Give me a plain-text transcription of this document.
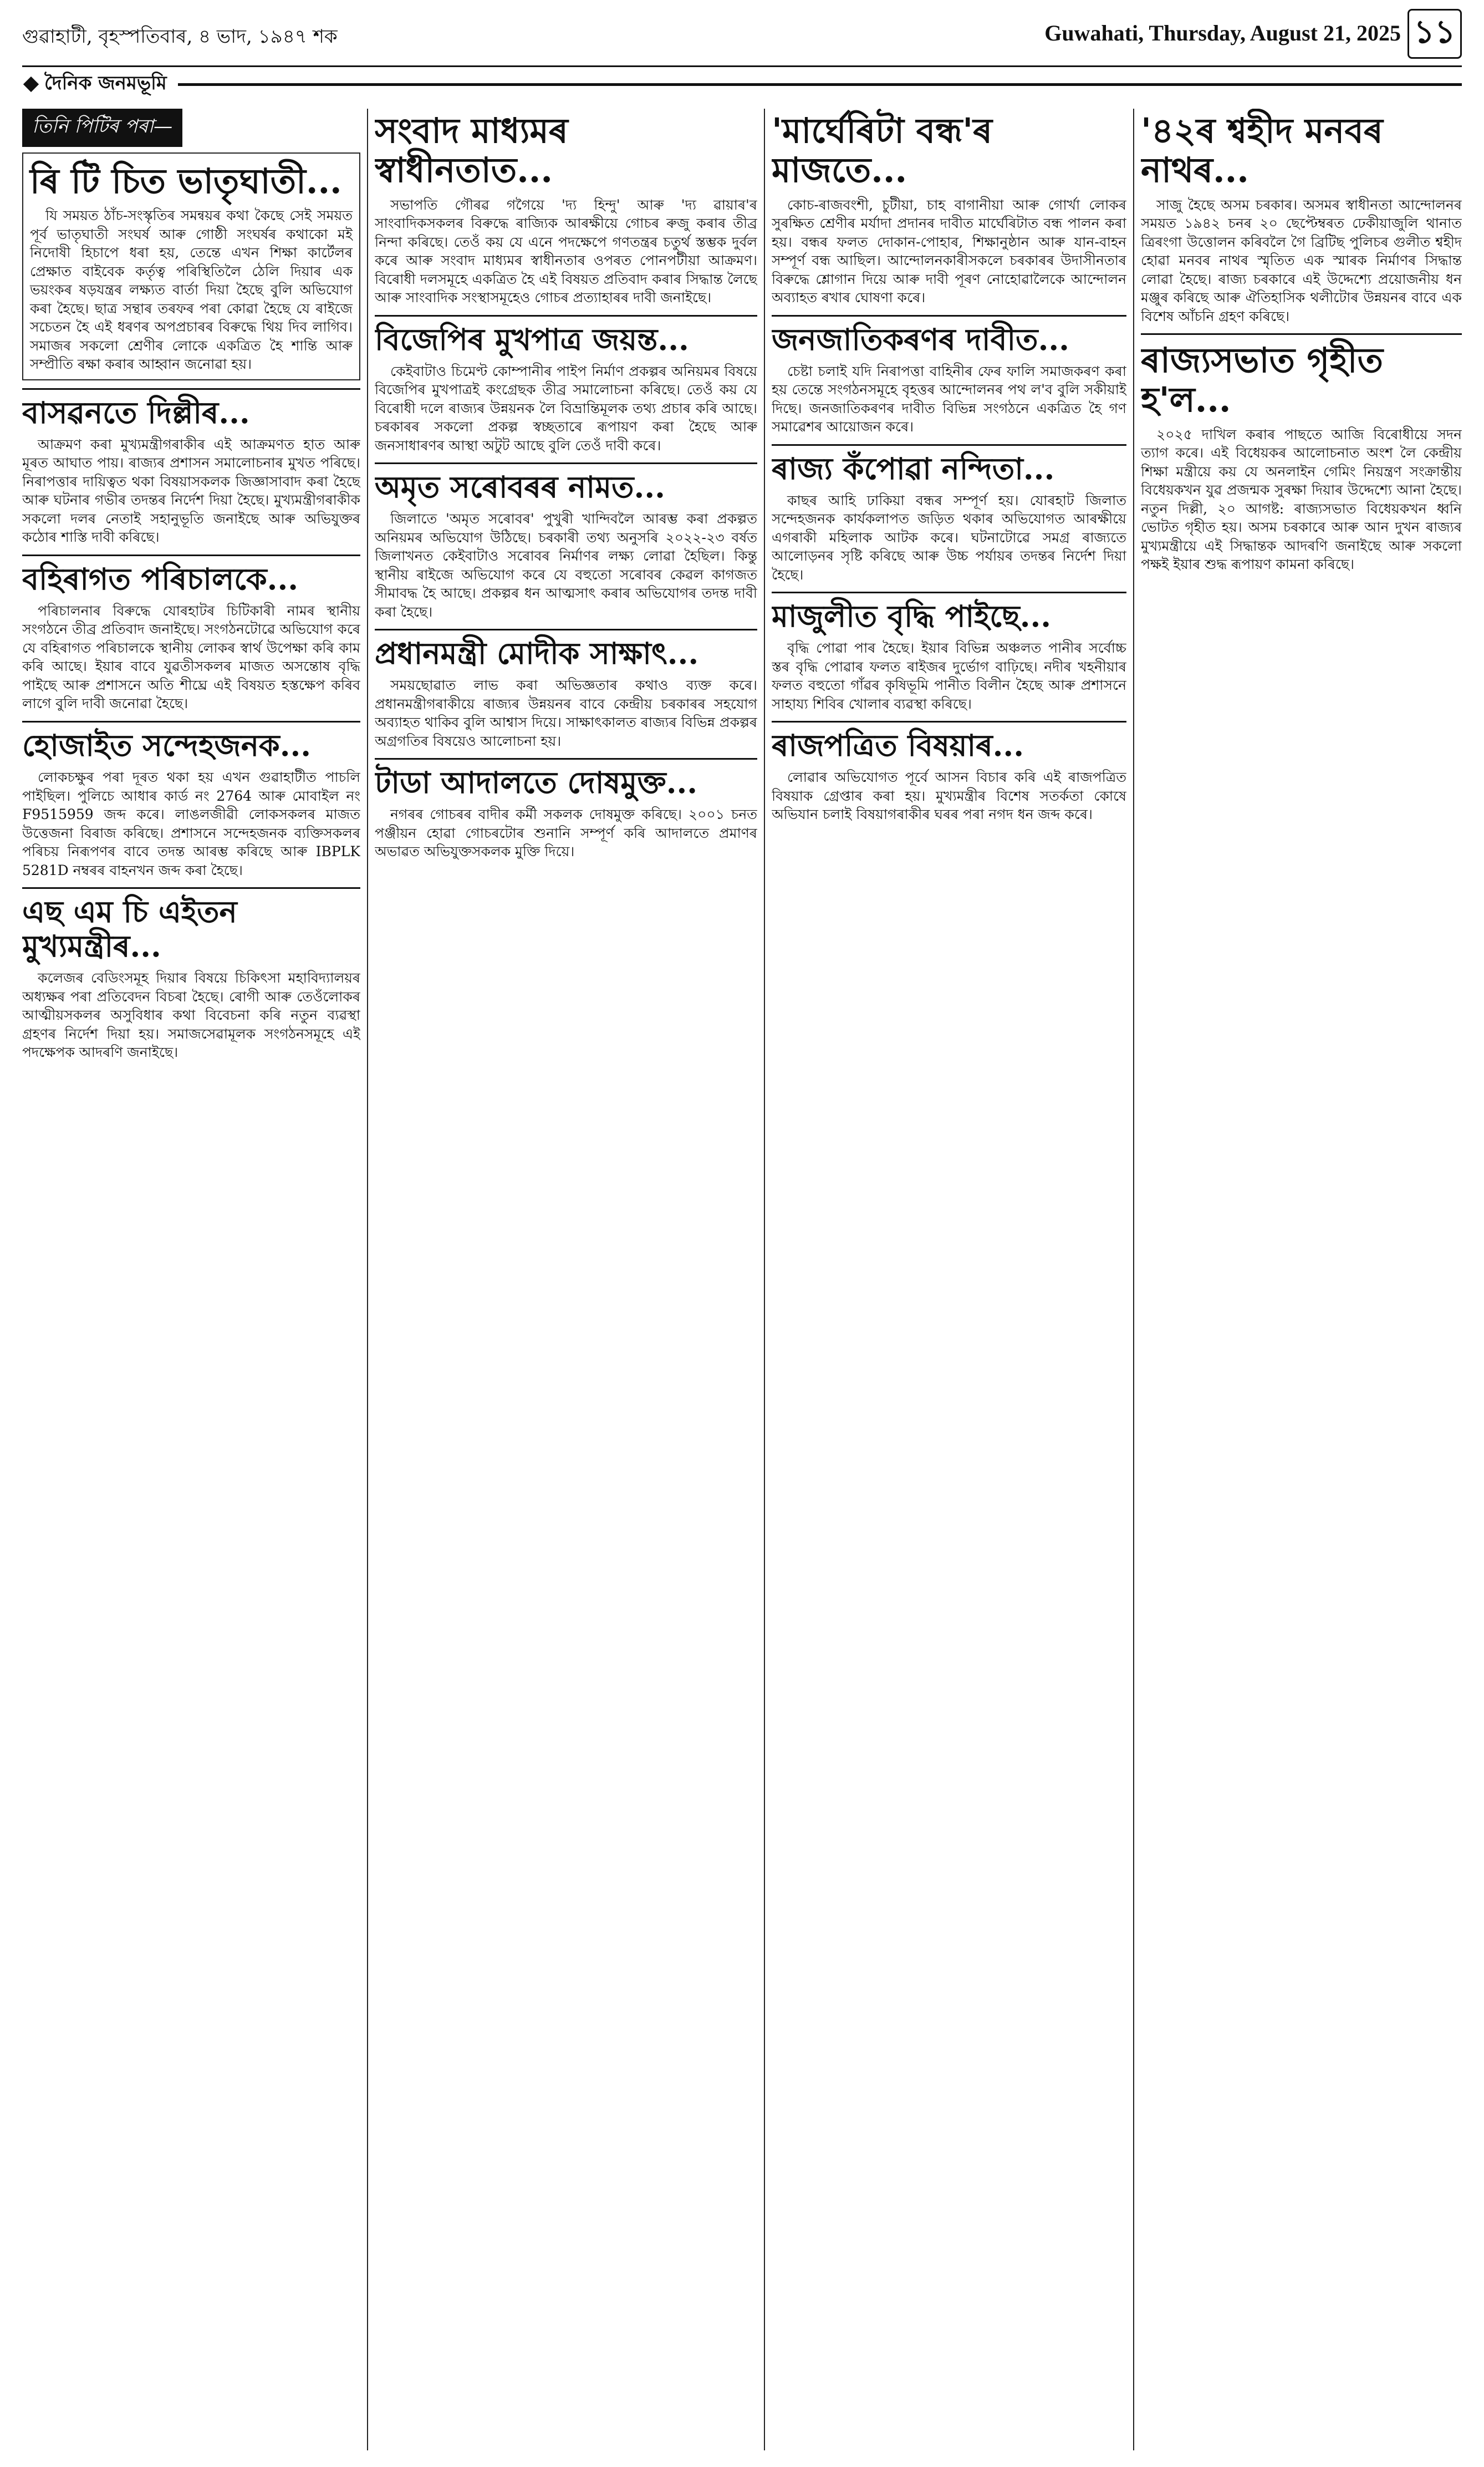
গুৱাহাটী, বৃহস্পতিবাৰ, ৪ ভাদ, ১৯৪৭ শক	Guwahati, Thursday, August 21, 2025 ১১
দৈনিক জনমভূমি
তিনি পিটিৰ পৰা—
ৰি টি চিত ভাতৃঘাতী...

যি সময়ত ঠাঁচ-সংস্কৃতিৰ সমন্বয়ৰ কথা কৈছে সেই সময়ত পূৰ্ব ভাতৃঘাতী সংঘৰ্ষ আৰু গোষ্ঠী সংঘৰ্ষৰ কথাকো মই নিদোষী হিচাপে ধৰা হয়, তেন্তে এখন শিক্ষা কাৰ্টেলৰ প্ৰেক্ষাত বাইবেক কৰ্তৃত্ব পৰিস্থিতিলৈ ঠেলি দিয়াৰ এক ভয়ংকৰ ষড়যন্ত্ৰৰ লক্ষ্যত বাৰ্তা দিয়া হৈছে বুলি অভিযোগ কৰা হৈছে। ছাত্ৰ সন্থাৰ তৰফৰ পৰা কোৱা হৈছে যে ৰাইজে সচেতন হৈ এই ধৰণৰ অপপ্ৰচাৰৰ বিৰুদ্ধে থিয় দিব লাগিব। সমাজৰ সকলো শ্ৰেণীৰ লোকে একত্ৰিত হৈ শান্তি আৰু সম্প্ৰীতি ৰক্ষা কৰাৰ আহ্বান জনোৱা হয়।

বাসৱনতে দিল্লীৰ...

আক্ৰমণ কৰা মুখ্যমন্ত্ৰীগৰাকীৰ এই আক্ৰমণত হাত আৰু মূৰত আঘাত পায়। ৰাজ্যৰ প্ৰশাসন সমালোচনাৰ মুখত পৰিছে। নিৰাপত্তাৰ দায়িত্বত থকা বিষয়াসকলক জিজ্ঞাসাবাদ কৰা হৈছে আৰু ঘটনাৰ গভীৰ তদন্তৰ নিৰ্দেশ দিয়া হৈছে। মুখ্যমন্ত্ৰীগৰাকীক সকলো দলৰ নেতাই সহানুভূতি জনাইছে আৰু অভিযুক্তৰ কঠোৰ শাস্তি দাবী কৰিছে।

বহিৰাগত পৰিচালকে...

পৰিচালনাৰ বিৰুদ্ধে যোৰহাটৰ চিটিকাৰী নামৰ স্থানীয় সংগঠনে তীব্ৰ প্ৰতিবাদ জনাইছে। সংগঠনটোৱে অভিযোগ কৰে যে বহিৰাগত পৰিচালকে স্থানীয় লোকৰ স্বাৰ্থ উপেক্ষা কৰি কাম কৰি আছে। ইয়াৰ বাবে যুৱতীসকলৰ মাজত অসন্তোষ বৃদ্ধি পাইছে আৰু প্ৰশাসনে অতি শীঘ্ৰে এই বিষয়ত হস্তক্ষেপ কৰিব লাগে বুলি দাবী জনোৱা হৈছে।

হোজাইত সন্দেহজনক...

লোকচক্ষুৰ পৰা দূৰত থকা হয় এখন গুৱাহাটীত পাচলি পাইছিল। পুলিচে আধাৰ কাৰ্ড নং 2764 আৰু মোবাইল নং F9515959 জব্দ কৰে। লাঙলজীৱী লোকসকলৰ মাজত উত্তেজনা বিৰাজ কৰিছে। প্ৰশাসনে সন্দেহজনক ব্যক্তিসকলৰ পৰিচয় নিৰূপণৰ বাবে তদন্ত আৰম্ভ কৰিছে আৰু IBPLK 5281D নম্বৰৰ বাহনখন জব্দ কৰা হৈছে।

এছ এম চি এইতন মুখ্যমন্ত্ৰীৰ...

কলেজৰ বেডিংসমূহ দিয়াৰ বিষয়ে চিকিৎসা মহাবিদ্যালয়ৰ অধ্যক্ষৰ পৰা প্ৰতিবেদন বিচৰা হৈছে। ৰোগী আৰু তেওঁলোকৰ আত্মীয়সকলৰ অসুবিধাৰ কথা বিবেচনা কৰি নতুন ব্যৱস্থা গ্ৰহণৰ নিৰ্দেশ দিয়া হয়। সমাজসেৱামূলক সংগঠনসমূহে এই পদক্ষেপক আদৰণি জনাইছে।

সংবাদ মাধ্যমৰ স্বাধীনতাত...

সভাপতি গৌৰৱ গগৈয়ে 'দ্য হিন্দু' আৰু 'দ্য ৱায়াৰ'ৰ সাংবাদিকসকলৰ বিৰুদ্ধে ৰাজ্যিক আৰক্ষীয়ে গোচৰ ৰুজু কৰাৰ তীব্ৰ নিন্দা কৰিছে। তেওঁ কয় যে এনে পদক্ষেপে গণতন্ত্ৰৰ চতুৰ্থ স্তম্ভক দুৰ্বল কৰে আৰু সংবাদ মাধ্যমৰ স্বাধীনতাৰ ওপৰত পোনপটীয়া আক্ৰমণ। বিৰোধী দলসমূহে একত্ৰিত হৈ এই বিষয়ত প্ৰতিবাদ কৰাৰ সিদ্ধান্ত লৈছে আৰু সাংবাদিক সংস্থাসমূহেও গোচৰ প্ৰত্যাহাৰৰ দাবী জনাইছে।

বিজেপিৰ মুখপাত্ৰ জয়ন্ত...

কেইবাটাও চিমেণ্ট কোম্পানীৰ পাইপ নিৰ্মাণ প্ৰকল্পৰ অনিয়মৰ বিষয়ে বিজেপিৰ মুখপাত্ৰই কংগ্ৰেছক তীব্ৰ সমালোচনা কৰিছে। তেওঁ কয় যে বিৰোধী দলে ৰাজ্যৰ উন্নয়নক লৈ বিভ্ৰান্তিমূলক তথ্য প্ৰচাৰ কৰি আছে। চৰকাৰৰ সকলো প্ৰকল্প স্বচ্ছতাৰে ৰূপায়ণ কৰা হৈছে আৰু জনসাধাৰণৰ আস্থা অটুট আছে বুলি তেওঁ দাবী কৰে।

অমৃত সৰোবৰৰ নামত...

জিলাতে 'অমৃত সৰোবৰ' পুখুৰী খান্দিবলৈ আৰম্ভ কৰা প্ৰকল্পত অনিয়মৰ অভিযোগ উঠিছে। চৰকাৰী তথ্য অনুসৰি ২০২২-২৩ বৰ্ষত জিলাখনত কেইবাটাও সৰোবৰ নিৰ্মাণৰ লক্ষ্য লোৱা হৈছিল। কিন্তু স্থানীয় ৰাইজে অভিযোগ কৰে যে বহুতো সৰোবৰ কেৱল কাগজত সীমাবদ্ধ হৈ আছে। প্ৰকল্পৰ ধন আত্মসাৎ কৰাৰ অভিযোগৰ তদন্ত দাবী কৰা হৈছে।

প্ৰধানমন্ত্ৰী মোদীক সাক্ষাৎ...

সময়ছোৱাত লাভ কৰা অভিজ্ঞতাৰ কথাও ব্যক্ত কৰে। প্ৰধানমন্ত্ৰীগৰাকীয়ে ৰাজ্যৰ উন্নয়নৰ বাবে কেন্দ্ৰীয় চৰকাৰৰ সহযোগ অব্যাহত থাকিব বুলি আশ্বাস দিয়ে। সাক্ষাৎকালত ৰাজ্যৰ বিভিন্ন প্ৰকল্পৰ অগ্ৰগতিৰ বিষয়েও আলোচনা হয়।

টাডা আদালতে দোষমুক্ত...

নগৰৰ গোচৰৰ বাদীৰ কৰ্মী সকলক দোষমুক্ত কৰিছে। ২০০১ চনত পঞ্জীয়ন হোৱা গোচৰটোৰ শুনানি সম্পূৰ্ণ কৰি আদালতে প্ৰমাণৰ অভাৱত অভিযুক্তসকলক মুক্তি দিয়ে।

'মাৰ্ঘেৰিটা বন্ধ'ৰ মাজতে...

কোচ-ৰাজবংশী, চুটীয়া, চাহ বাগানীয়া আৰু গোৰ্খা লোকৰ সুৰক্ষিত শ্ৰেণীৰ মৰ্যাদা প্ৰদানৰ দাবীত মাৰ্ঘেৰিটাত বন্ধ পালন কৰা হয়। বন্ধৰ ফলত দোকান-পোহাৰ, শিক্ষানুষ্ঠান আৰু যান-বাহন সম্পূৰ্ণ বন্ধ আছিল। আন্দোলনকাৰীসকলে চৰকাৰৰ উদাসীনতাৰ বিৰুদ্ধে শ্লোগান দিয়ে আৰু দাবী পূৰণ নোহোৱালৈকে আন্দোলন অব্যাহত ৰখাৰ ঘোষণা কৰে।

জনজাতিকৰণৰ দাবীত...

চেষ্টা চলাই যদি নিৰাপত্তা বাহিনীৰ ফেৰ ফালি সমাজকৰণ কৰা হয় তেন্তে সংগঠনসমূহে বৃহত্তৰ আন্দোলনৰ পথ ল'ব বুলি সকীয়াই দিছে। জনজাতিকৰণৰ দাবীত বিভিন্ন সংগঠনে একত্ৰিত হৈ গণ সমাৱেশৰ আয়োজন কৰে।

ৰাজ্য কঁপোৱা নন্দিতা...

কাছৰ আহি ঢাকিয়া বন্ধৰ সম্পূৰ্ণ হয়। যোৰহাট জিলাত সন্দেহজনক কাৰ্যকলাপত জড়িত থকাৰ অভিযোগত আৰক্ষীয়ে এগৰাকী মহিলাক আটক কৰে। ঘটনাটোৱে সমগ্ৰ ৰাজ্যতে আলোড়নৰ সৃষ্টি কৰিছে আৰু উচ্চ পৰ্যায়ৰ তদন্তৰ নিৰ্দেশ দিয়া হৈছে।

মাজুলীত বৃদ্ধি পাইছে...

বৃদ্ধি পোৱা পাৰ হৈছে। ইয়াৰ বিভিন্ন অঞ্চলত পানীৰ সৰ্বোচ্চ স্তৰ বৃদ্ধি পোৱাৰ ফলত ৰাইজৰ দুৰ্ভোগ বাঢ়িছে। নদীৰ খহনীয়াৰ ফলত বহুতো গাঁৱৰ কৃষিভূমি পানীত বিলীন হৈছে আৰু প্ৰশাসনে সাহায্য শিবিৰ খোলাৰ ব্যৱস্থা কৰিছে।

ৰাজপত্ৰিত বিষয়াৰ...

লোৱাৰ অভিযোগত পূৰ্বে আসন বিচাৰ কৰি এই ৰাজপত্ৰিত বিষয়াক গ্ৰেপ্তাৰ কৰা হয়। মুখ্যমন্ত্ৰীৰ বিশেষ সতৰ্কতা কোষে অভিযান চলাই বিষয়াগৰাকীৰ ঘৰৰ পৰা নগদ ধন জব্দ কৰে।

'৪২ৰ শ্বহীদ মনবৰ নাথৰ...

সাজু হৈছে অসম চৰকাৰ। অসমৰ স্বাধীনতা আন্দোলনৰ সময়ত ১৯৪২ চনৰ ২০ ছেপ্টেম্বৰত ঢেকীয়াজুলি থানাত ত্ৰিৰংগা উত্তোলন কৰিবলৈ গৈ ব্ৰিটিছ পুলিচৰ গুলীত শ্বহীদ হোৱা মনবৰ নাথৰ স্মৃতিত এক স্মাৰক নিৰ্মাণৰ সিদ্ধান্ত লোৱা হৈছে। ৰাজ্য চৰকাৰে এই উদ্দেশ্যে প্ৰয়োজনীয় ধন মঞ্জুৰ কৰিছে আৰু ঐতিহাসিক থলীটোৰ উন্নয়নৰ বাবে এক বিশেষ আঁচনি গ্ৰহণ কৰিছে।

ৰাজ্যসভাত গৃহীত হ'ল...

২০২৫ দাখিল কৰাৰ পাছতে আজি বিৰোধীয়ে সদন ত্যাগ কৰে। এই বিধেয়কৰ আলোচনাত অংশ লৈ কেন্দ্ৰীয় শিক্ষা মন্ত্ৰীয়ে কয় যে অনলাইন গেমিং নিয়ন্ত্ৰণ সংক্ৰান্তীয় বিধেয়কখন যুৱ প্ৰজন্মক সুৰক্ষা দিয়াৰ উদ্দেশ্যে আনা হৈছে। নতুন দিল্লী, ২০ আগষ্ট: ৰাজ্যসভাত বিধেয়কখন ধ্বনি ভোটত গৃহীত হয়। অসম চৰকাৰে আৰু আন দুখন ৰাজ্যৰ মুখ্যমন্ত্ৰীয়ে এই সিদ্ধান্তক আদৰণি জনাইছে আৰু সকলো পক্ষই ইয়াৰ শুদ্ধ ৰূপায়ণ কামনা কৰিছে।
